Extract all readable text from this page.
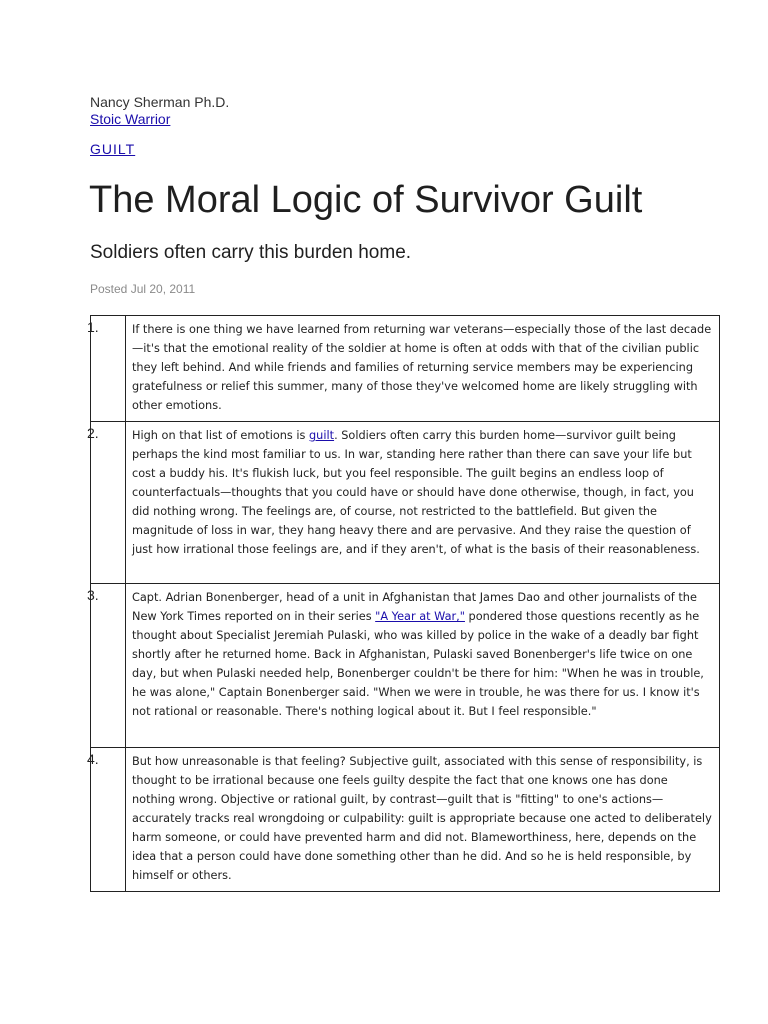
Nancy Sherman Ph.D.
Stoic Warrior
GUILT
The Moral Logic of Survivor Guilt
Soldiers often carry this burden home.
Posted Jul 20, 2011
1.	If there is one thing we have learned from returning war veterans—especially those of the last decade—it's that the emotional reality of the soldier at home is often at odds with that of the civilian public they left behind. And while friends and families of returning service members may be experiencing gratefulness or relief this summer, many of those they've welcomed home are likely struggling with other emotions.

2.	High on that list of emotions is guilt. Soldiers often carry this burden home—survivor guilt being perhaps the kind most familiar to us. In war, standing here rather than there can save your life but cost a buddy his. It's flukish luck, but you feel responsible. The guilt begins an endless loop of counterfactuals—thoughts that you could have or should have done otherwise, though, in fact, you did nothing wrong. The feelings are, of course, not restricted to the battlefield. But given the magnitude of loss in war, they hang heavy there and are pervasive. And they raise the question of just how irrational those feelings are, and if they aren't, of what is the basis of their reasonableness.

3.	Capt. Adrian Bonenberger, head of a unit in Afghanistan that James Dao and other journalists of the New York Times reported on in their series "A Year at War," pondered those questions recently as he thought about Specialist Jeremiah Pulaski, who was killed by police in the wake of a deadly bar fight shortly after he returned home. Back in Afghanistan, Pulaski saved Bonenberger's life twice on one day, but when Pulaski needed help, Bonenberger couldn't be there for him: "When he was in trouble, he was alone," Captain Bonenberger said. "When we were in trouble, he was there for us. I know it's not rational or reasonable. There's nothing logical about it. But I feel responsible."

4.	But how unreasonable is that feeling? Subjective guilt, associated with this sense of responsibility, is thought to be irrational because one feels guilty despite the fact that one knows one has done nothing wrong. Objective or rational guilt, by contrast—guilt that is "fitting" to one's actions—accurately tracks real wrongdoing or culpability: guilt is appropriate because one acted to deliberately harm someone, or could have prevented harm and did not. Blameworthiness, here, depends on the idea that a person could have done something other than he did. And so he is held responsible, by himself or others.
